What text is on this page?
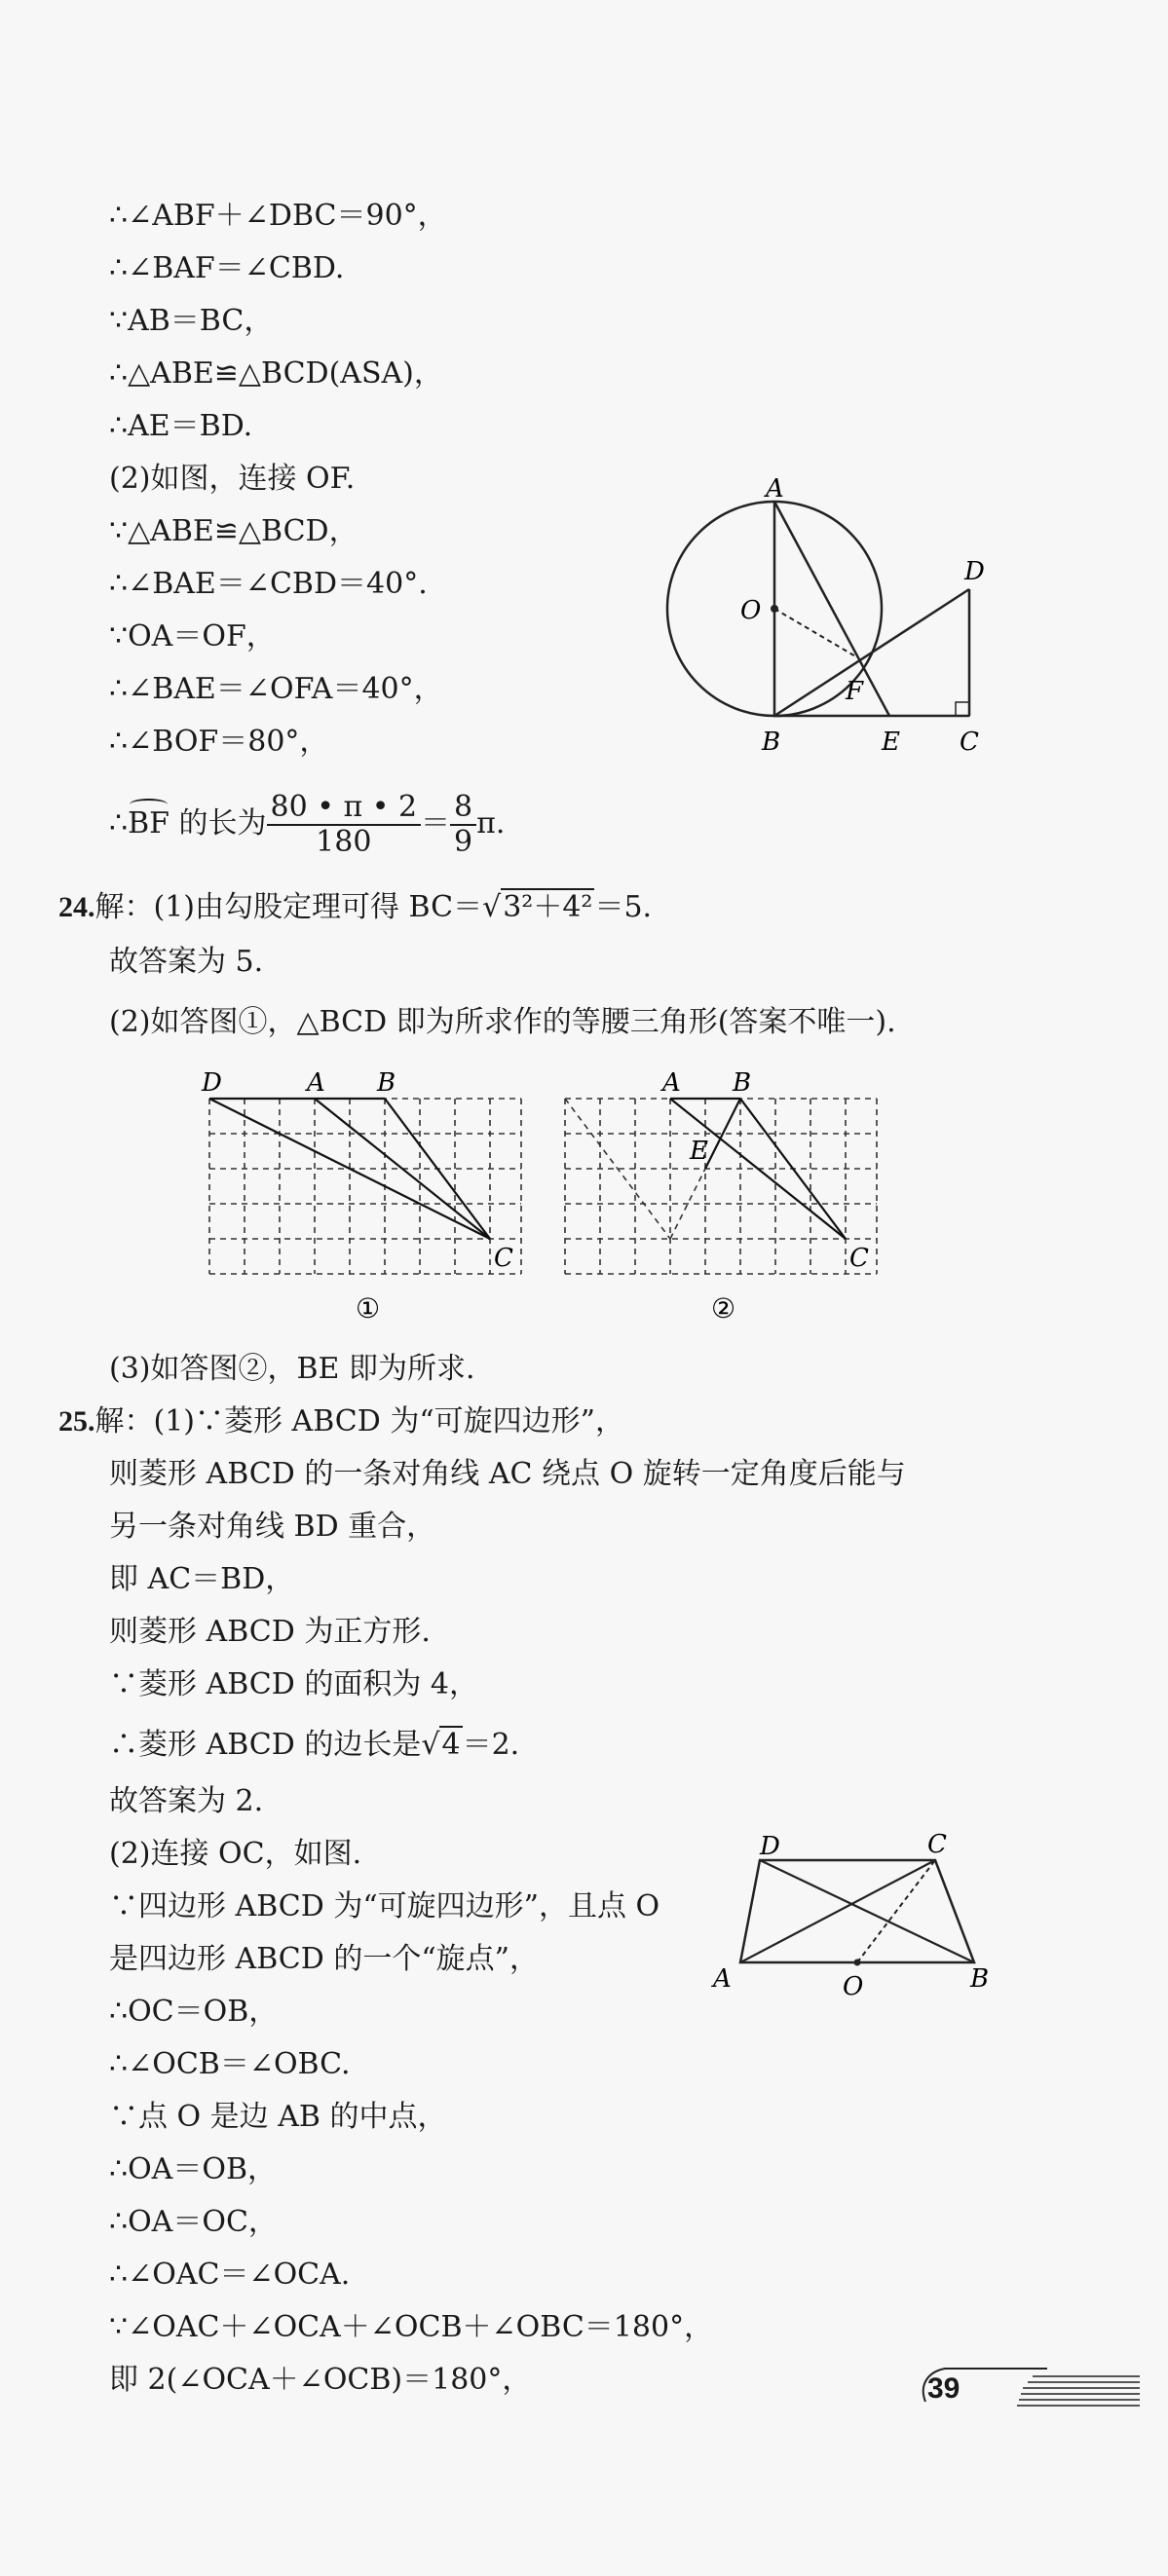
∴∠ABF＋∠DBC＝90°，
∴∠BAF＝∠CBD.
∵AB＝BC，
∴△ABE≌△BCD(ASA)，
∴AE＝BD.
(2)如图，连接 OF.
∵△ABE≌△BCD，
∴∠BAE＝∠CBD＝40°.
∵OA＝OF，
∴∠BAE＝∠OFA＝40°，
∴∠BOF＝80°，
∴BF 的长为 $\frac{80 • \pi • 2}{180} = \frac{8}{9} \pi$.
A
D
O
F
B	E C
24.解：(1)由勾股定理可得 BC＝√3²＋4²＝5.
故答案为 5.
(2)如答图①，△BCD 即为所求作的等腰三角形(答案不唯一).
D	A B
C
①
A B
E
C
②
(3)如答图②，BE 即为所求.
25.解：(1)∵菱形 ABCD 为“可旋四边形”，
则菱形 ABCD 的一条对角线 AC 绕点 O 旋转一定角度后能与
另一条对角线 BD 重合，
即 AC＝BD，
则菱形 ABCD 为正方形.
∵菱形 ABCD 的面积为 4，
∴菱形 ABCD 的边长是√4＝2.
故答案为 2.
(2)连接 OC，如图.
∵四边形 ABCD 为“可旋四边形”，且点 O
是四边形 ABCD 的一个“旋点”，
∴OC＝OB，
∴∠OCB＝∠OBC.
∵点 O 是边 AB 的中点，
∴OA＝OB，
∴OA＝OC，
∴∠OAC＝∠OCA.
∵∠OAC＋∠OCA＋∠OCB＋∠OBC＝180°，
即 2(∠OCA＋∠OCB)＝180°，
D	C
A	O	B
39
